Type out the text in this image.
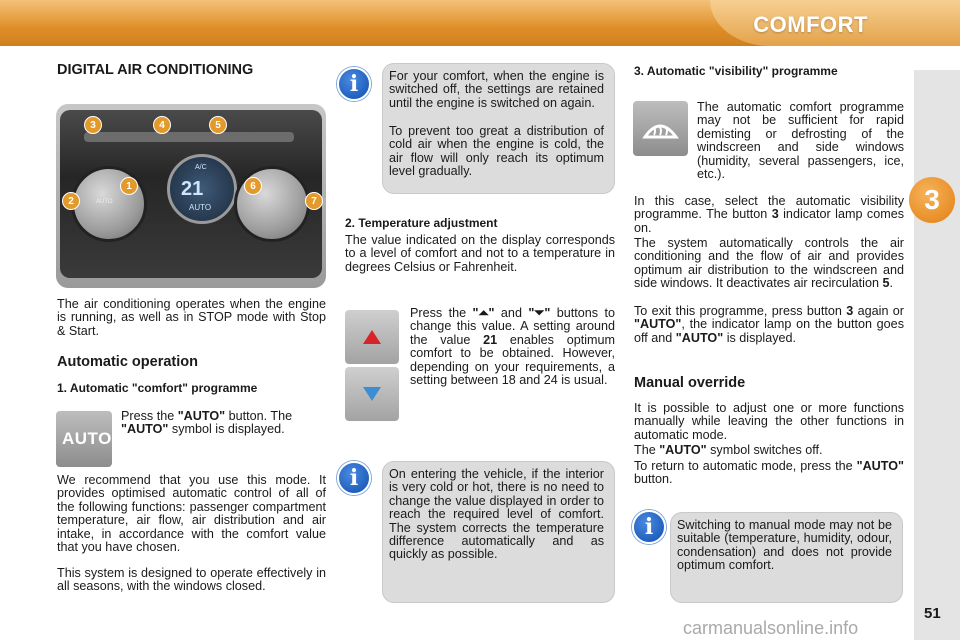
COMFORT
3
DIGITAL AIR CONDITIONING
AUTO
A/C
21
AUTO
1
2
3	4	5
6
7
The air conditioning operates when the engine is running, as well as in STOP mode with Stop & Start.
Automatic operation
1. Automatic "comfort" programme
AUTO
Press the "AUTO" button. The "AUTO" symbol is displayed.
We recommend that you use this mode. It provides optimised automatic control of all of the following functions: passenger compartment temperature, air flow, air distribution and air intake, in accordance with the comfort value that you have chosen.
This system is designed to operate effectively in all seasons, with the windows closed.
For your comfort, when the engine is switched off, the settings are retained until the engine is switched on again.
To prevent too great a distribution of cold air when the engine is cold, the air flow will only reach its optimum level gradually.
i
2. Temperature adjustment
The value indicated on the display corresponds to a level of comfort and not to a temperature in degrees Celsius or Fahrenheit.
Press the "⏶" and "⏷" buttons to change this value. A setting around the value 21 enables optimum comfort to be obtained. However, depending on your requirements, a setting between 18 and 24 is usual.
On entering the vehicle, if the interior is very cold or hot, there is no need to change the value displayed in order to reach the required level of comfort. The system corrects the temperature difference automatically and as quickly as possible.
i
3. Automatic "visibility" programme
The automatic comfort programme may not be sufficient for rapid demisting or defrosting of the windscreen and side windows (humidity, several passengers, ice, etc.).
In this case, select the automatic visibility programme. The button 3 indicator lamp comes on.
The system automatically controls the air conditioning and the flow of air and provides optimum air distribution to the windscreen and side windows. It deactivates air recirculation 5.
To exit this programme, press button 3 again or "AUTO", the indicator lamp on the button goes off and "AUTO" is displayed.
Manual override
It is possible to adjust one or more functions manually while leaving the other functions in automatic mode.
The "AUTO" symbol switches off.
To return to automatic mode, press the "AUTO" button.
Switching to manual mode may not be suitable (temperature, humidity, odour, condensation) and does not provide optimum comfort.
i
51
carmanualsonline.info
